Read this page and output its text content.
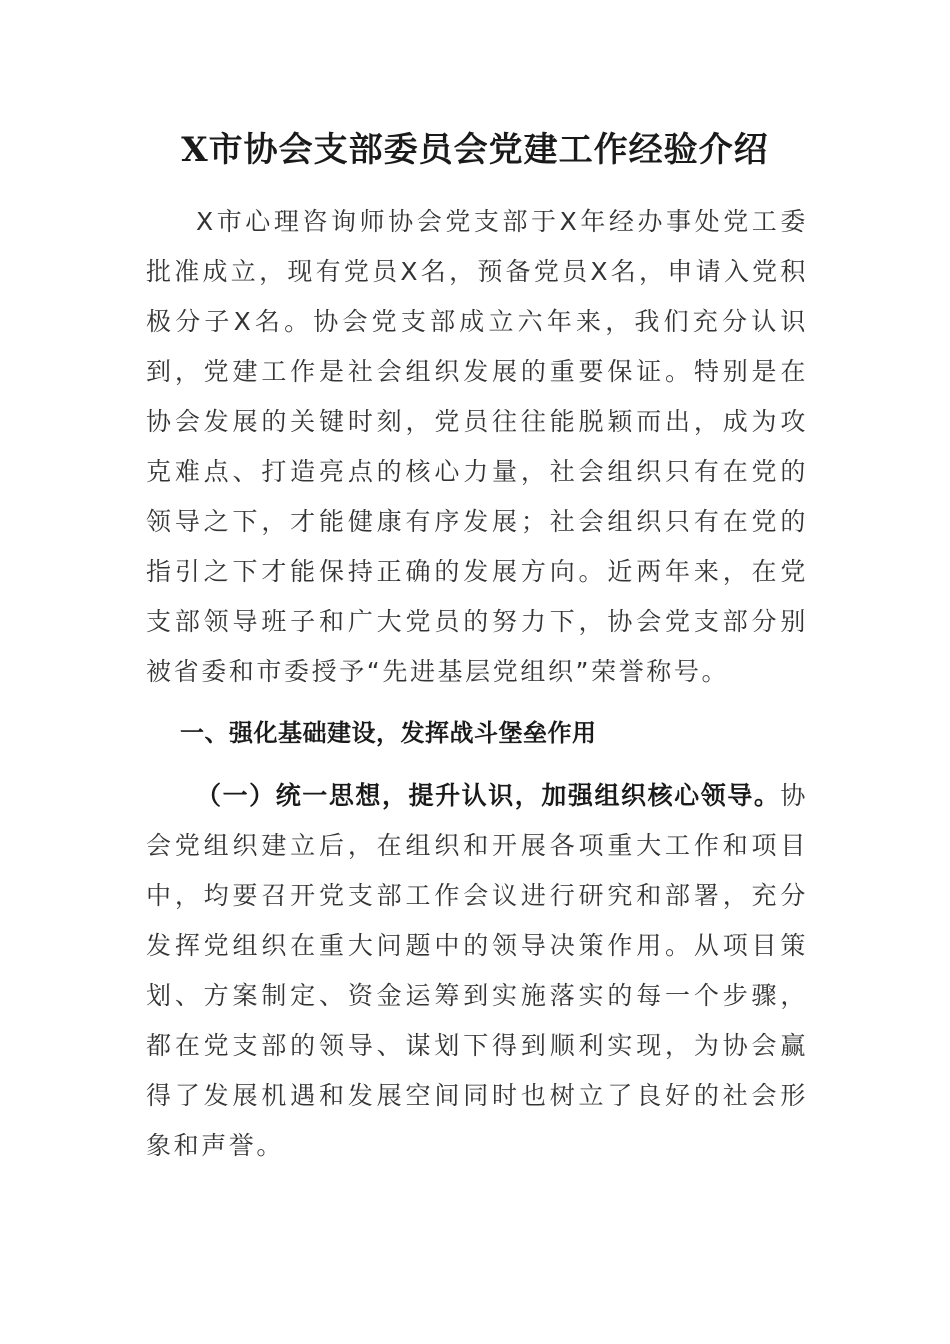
X市协会支部委员会党建工作经验介绍

X市心理咨询师协会党支部于X年经办事处党工委批准成立，现有党员X名，预备党员X名，申请入党积极分子X名。协会党支部成立六年来，我们充分认识到，党建工作是社会组织发展的重要保证。特别是在协会发展的关键时刻，党员往往能脱颖而出，成为攻克难点、打造亮点的核心力量，社会组织只有在党的领导之下，才能健康有序发展；社会组织只有在党的指引之下才能保持正确的发展方向。近两年来，在党支部领导班子和广大党员的努力下，协会党支部分别被省委和市委授予“先进基层党组织”荣誉称号。

一、强化基础建设，发挥战斗堡垒作用

（一）统一思想，提升认识，加强组织核心领导。协会党组织建立后，在组织和开展各项重大工作和项目中，均要召开党支部工作会议进行研究和部署，充分发挥党组织在重大问题中的领导决策作用。从项目策划、方案制定、资金运筹到实施落实的每一个步骤，都在党支部的领导、谋划下得到顺利实现，为协会赢得了发展机遇和发展空间同时也树立了良好的社会形象和声誉。
